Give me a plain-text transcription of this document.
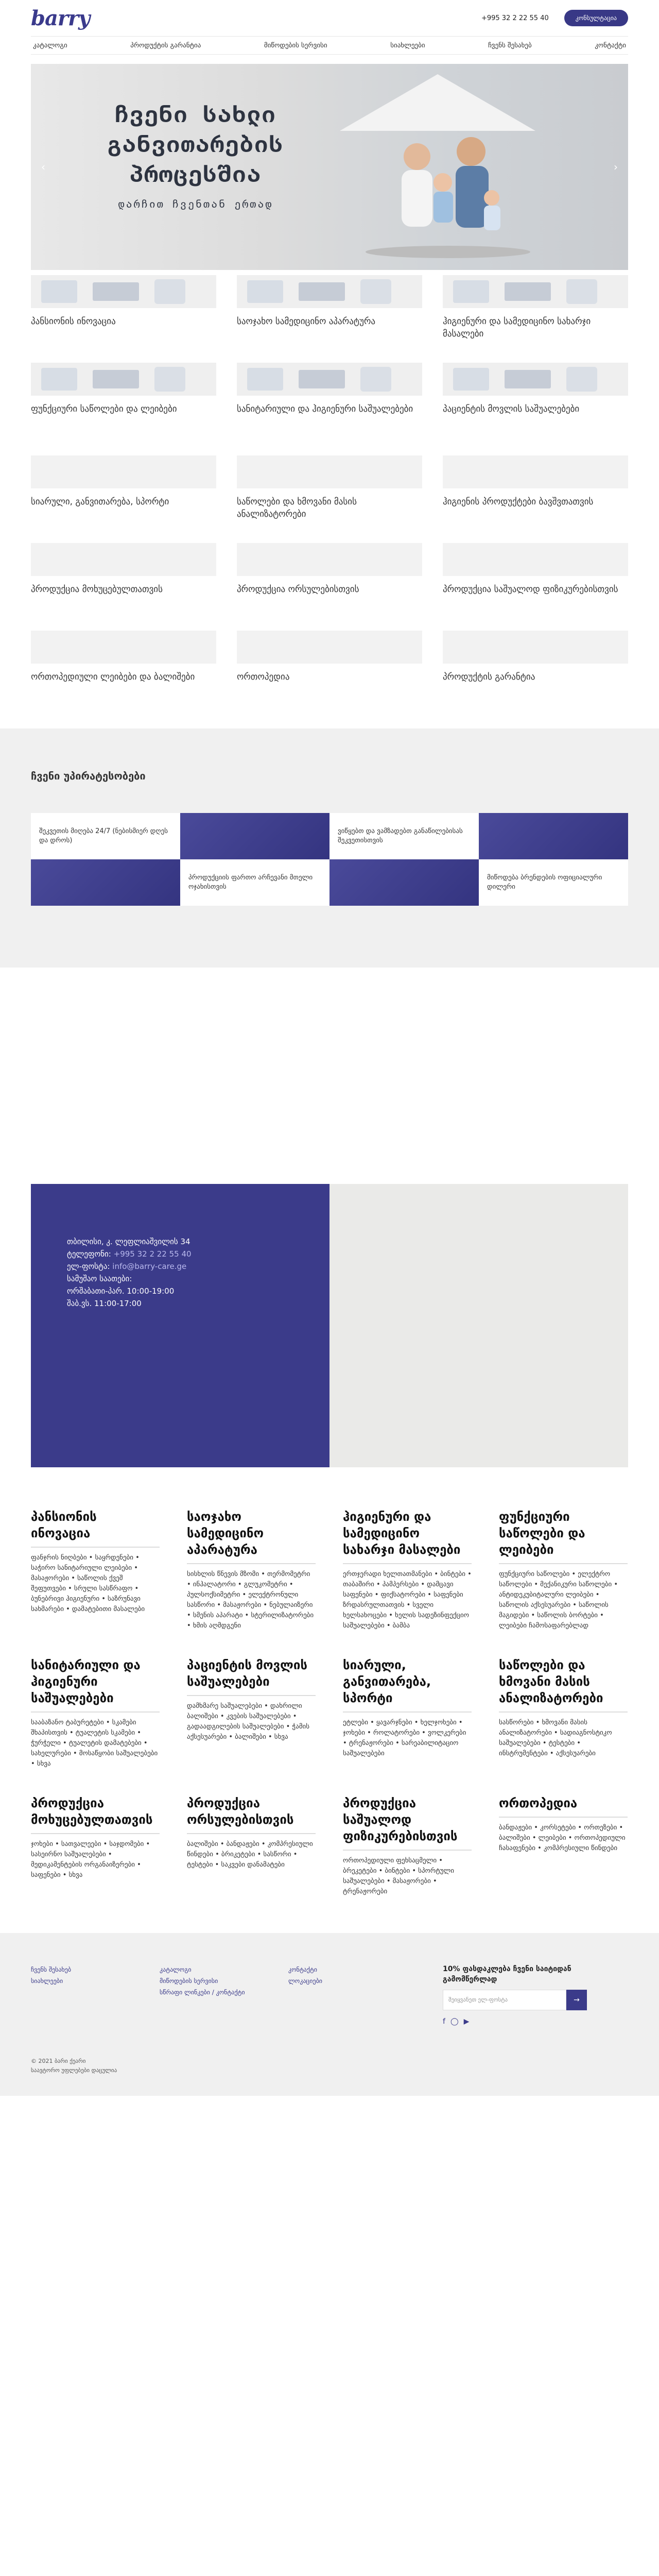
barry	+995 32 2 22 55 40	კონსულტაცია
კატალოგი	პროდუქტის გარანტია	მიწოდების სერვისი	სიახლეები	ჩვენს შესახებ	კონტაქტი
ჩვენი სახლი განვითარების პროცესშია
დარჩით ჩვენთან ერთად
‹	›
პანსიონის ინოვაცია	საოჯახო სამედიცინო აპარატურა	ჰიგიენური და სამედიცინო სახარჯი მასალები
ფუნქციური საწოლები და ლეიბები	სანიტარიული და ჰიგიენური საშუალებები	პაციენტის მოვლის საშუალებები
სიარული, განვითარება, სპორტი	საწოლები და ხმოვანი მასის ანალიზატორები
ჰიგიენის პროდუქტები ბავშვთათვის
პროდუქცია მოხუცებულთათვის	პროდუქცია ორსულებისთვის	პროდუქცია საშუალოდ ფიზიკურებისთვის
ორთოპედიული ლეიბები და ბალიშები	ორთოპედია	პროდუქტის გარანტია
ჩვენი უპირატესობები
შეკვეთის მიღება 24/7 (ნებისმიერ დღეს და დროს)
ვიწყებთ და ვამზადებთ განაწილებისას შეკვეთისთვის
პროდუქციის ფართო არჩევანი მთელი ოჯახისთვის
მიწოდება ბრენდების ოფიციალური დილერი
თბილისი, კ. ლეფლიაშვილის 34
ტელეფონი: +995 32 2 22 55 40
ელ-ფოსტა: info@barry-care.ge
სამუშაო საათები:
ორშაბათი-პარ. 10:00-19:00
შაბ.ვს. 11:00-17:00
პანსიონის ინოვაცია
ფანჯრის ნიღბები • საყრდენები • საჭირო სანიტარიული ლეიბები • მასაჟორები • საწოლის ქვეშ შეფუთვები • სრული სასწრაფო • ბუნებრივი ჰიგიენური • საზრუნავი სახმარები • დამატებითი მასალები
საოჯახო სამედიცინო აპარატურა
სისხლის წნევის მზომი • თერმომეტრი • ინჰალატორი • გლუკომეტრი • პულსოქსიმეტრი • ელექტრონული სასწორი • მასაჟორები • ნებულაიზერი • სმენის აპარატი • სტერილიზატორები • ხმის აღმდგენი
ჰიგიენური და სამედიცინო სახარჯი მასალები
ერთჯერადი ხელთათმანები • ბინტები • თაბაშირი • პამპერსები • დამცავი საფენები • ფიქსატორები • საფენები ზრდასრულთათვის • სველი ხელსახოცები • ხელის სადეზინფექციო საშუალებები • ბამბა
ფუნქციური საწოლები და ლეიბები
ფუნქციური საწოლები • ელექტრო საწოლები • მექანიკური საწოლები • ანტიდეკუბიტალური ლეიბები • საწოლის აქსესუარები • საწოლის მაგიდები • საწოლის ბორტები • ლეიბები ჩამოსაფარებლად
სანიტარიული და ჰიგიენური საშუალებები
სააბაზანო ტაბურეტები • სკამები შხაპისთვის • ტუალეტის სკამები • ჭურჭელი • ტუალეტის დამატებები • სახელურები • მოსაწყობი საშუალებები • სხვა
პაციენტის მოვლის საშუალებები
დამხმარე საშუალებები • დახრილი ბალიშები • კვების საშუალებები • გადაადგილების საშუალებები • ჭამის აქსესუარები • ბალიშები • სხვა
სიარული, განვითარება, სპორტი
ეტლები • ყავარჯნები • ხელჯოხები • ჯოხები • როლატორები • ვოლკერები • ტრენაჟორები • სარეაბილიტაციო საშუალებები
საწოლები და ხმოვანი მასის ანალიზატორები
სასწორები • ხმოვანი მასის ანალიზატორები • სადიაგნოსტიკო საშუალებები • ტესტები • ინსტრუმენტები • აქსესუარები
პროდუქცია მოხუცებულთათვის
ჯოხები • სათვალეები • საჯდომები • სასეირნო საშუალებები • მედიკამენტების ორგანაიზერები • საფენები • სხვა
პროდუქცია ორსულებისთვის
ბალიშები • ბანდაჟები • კომპრესიული წინდები • ბრიკეტები • სასწორი • ტესტები • საკვები დანამატები
პროდუქცია საშუალოდ ფიზიკურებისთვის
ორთოპედიული ფეხსაცმელი • ბრეკეტები • ბინტები • სპორტული საშუალებები • მასაჟორები • ტრენაჟორები
ორთოპედია
ბანდაჟები • კორსეტები • ორთეზები • ბალიშები • ლეიბები • ორთოპედიული ჩასაფენები • კომპრესიული წინდები
ჩვენს შესახებ
სიახლეები
კატალოგი
მიწოდების სერვისი
სწრაფი ლინკები / კონტაქტი
კონტაქტი
ლოკაციები
10% ფასდაკლება ჩვენი საიტიდან გამომწერლად
შეიყვანეთ ელ-ფოსტა	→
f ◯ ▶
© 2021 ბარი ქეარი
საავტორო უფლებები დაცულია
